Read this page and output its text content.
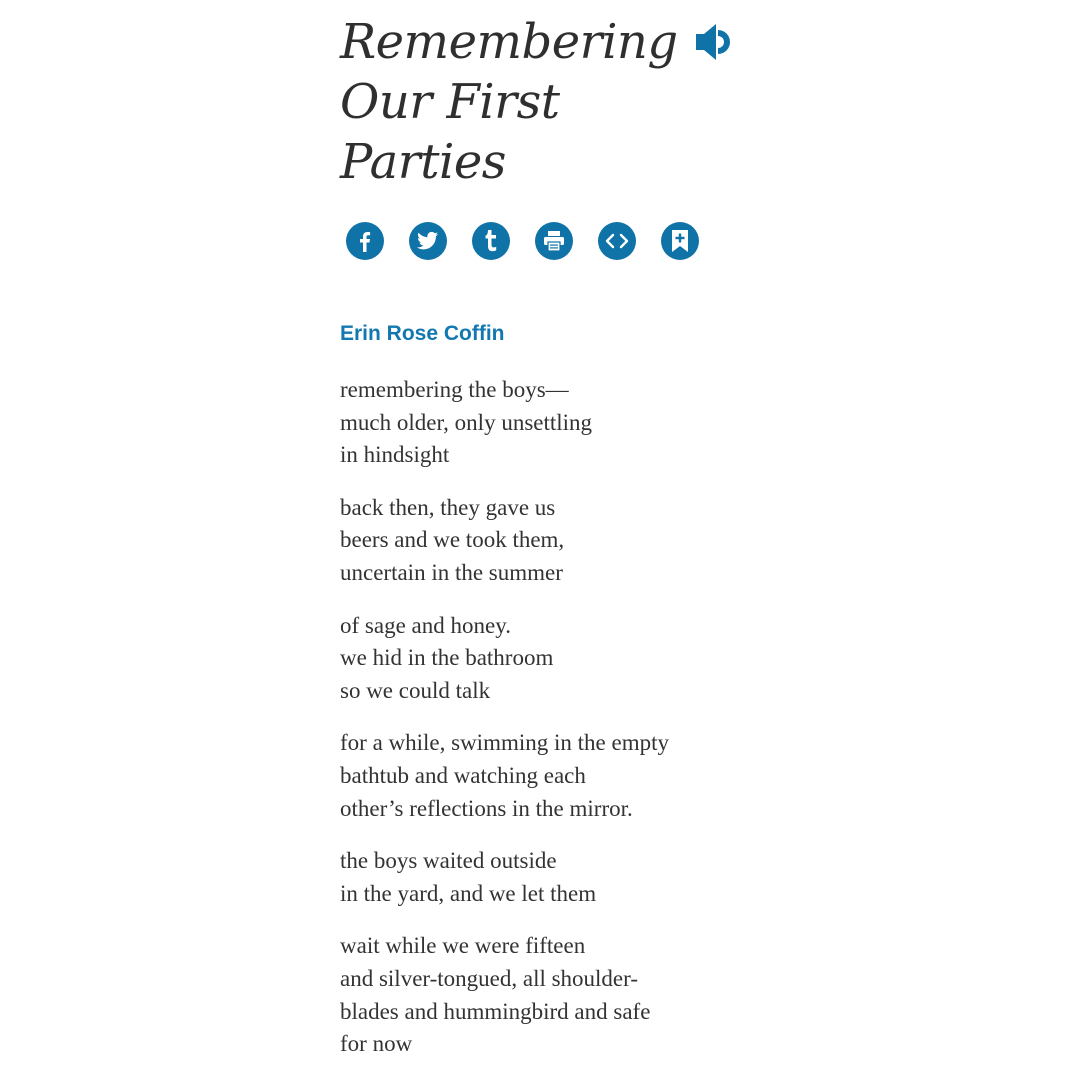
Remembering
Our First
Parties

Erin Rose Coffin

remembering the boys—
much older, only unsettling
in hindsight
back then, they gave us
beers and we took them,
uncertain in the summer
of sage and honey.
we hid in the bathroom
so we could talk
for a while, swimming in the empty
bathtub and watching each
other’s reflections in the mirror.
the boys waited outside
in the yard, and we let them
wait while we were fifteen
and silver-tongued, all shoulder-
blades and hummingbird and safe
for now
